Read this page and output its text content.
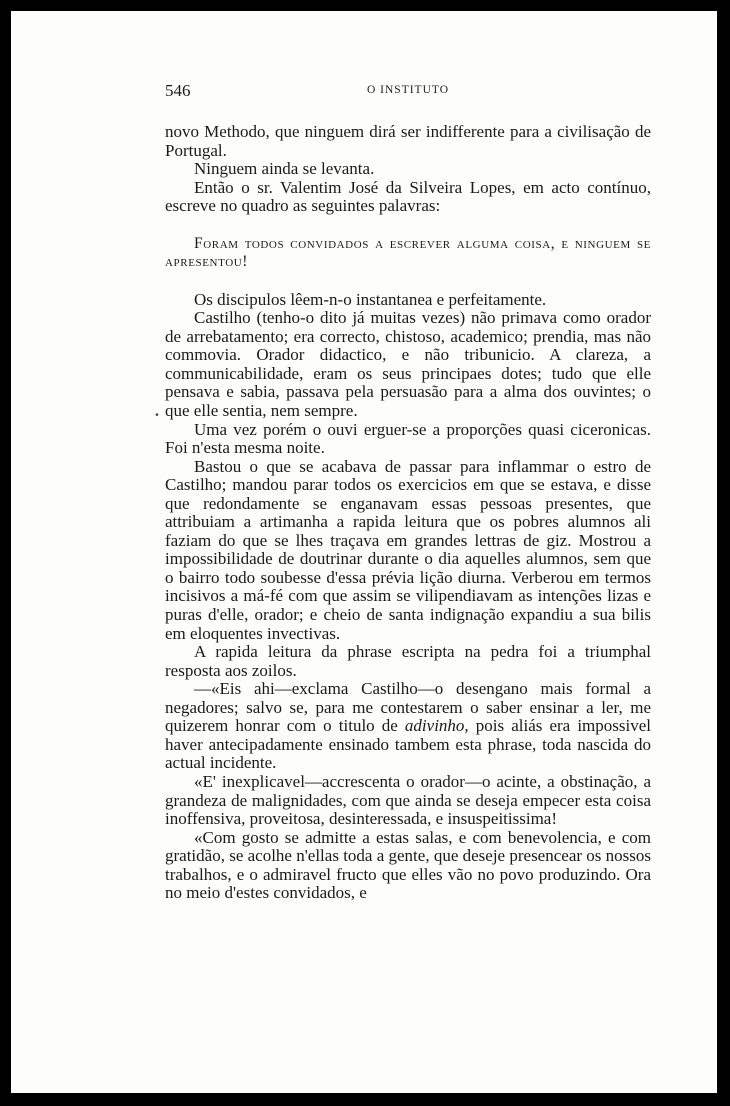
546	O INSTITUTO

novo Methodo, que ninguem dirá ser indifferente para a civilisação de Portugal.

Ninguem ainda se levanta.

Então o sr. Valentim José da Silveira Lopes, em acto contínuo, escreve no quadro as seguintes palavras:

Foram todos convidados a escrever alguma coisa, e ninguem se apresentou!

Os discipulos lêem-n-o instantanea e perfeitamente.

Castilho (tenho-o dito já muitas vezes) não primava como orador de arrebatamento; era correcto, chistoso, academico; prendia, mas não commovia. Orador didactico, e não tribunicio. A clareza, a communicabilidade, eram os seus principaes dotes; tudo que elle pensava e sabia, passava pela persuasão para a alma dos ouvintes; o que elle sentia, nem sempre.

Uma vez porém o ouvi erguer-se a proporções quasi ciceronicas. Foi n'esta mesma noite.

Bastou o que se acabava de passar para inflammar o estro de Castilho; mandou parar todos os exercicios em que se estava, e disse que redondamente se enganavam essas pessoas presentes, que attribuiam a artimanha a rapida leitura que os pobres alumnos ali faziam do que se lhes traçava em grandes lettras de giz. Mostrou a impossibilidade de doutrinar durante o dia aquelles alumnos, sem que o bairro todo soubesse d'essa prévia lição diurna. Verberou em termos incisivos a má-fé com que assim se vilipendiavam as intenções lizas e puras d'elle, orador; e cheio de santa indignação expandiu a sua bilis em eloquentes invectivas.

A rapida leitura da phrase escripta na pedra foi a triumphal resposta aos zoilos.

—«Eis ahi—exclama Castilho—o desengano mais formal a negadores; salvo se, para me contestarem o saber ensinar a ler, me quizerem honrar com o titulo de adivinho, pois aliás era impossivel haver antecipadamente ensinado tambem esta phrase, toda nascida do actual incidente.

«E' inexplicavel—accrescenta o orador—o acinte, a obstinação, a grandeza de malignidades, com que ainda se deseja empecer esta coisa inoffensiva, proveitosa, desinteressada, e insuspeitissima!

«Com gosto se admitte a estas salas, e com benevolencia, e com gratidão, se acolhe n'ellas toda a gente, que deseje presencear os nossos trabalhos, e o admiravel fructo que elles vão no povo produzindo. Ora no meio d'estes convidados, e

•
